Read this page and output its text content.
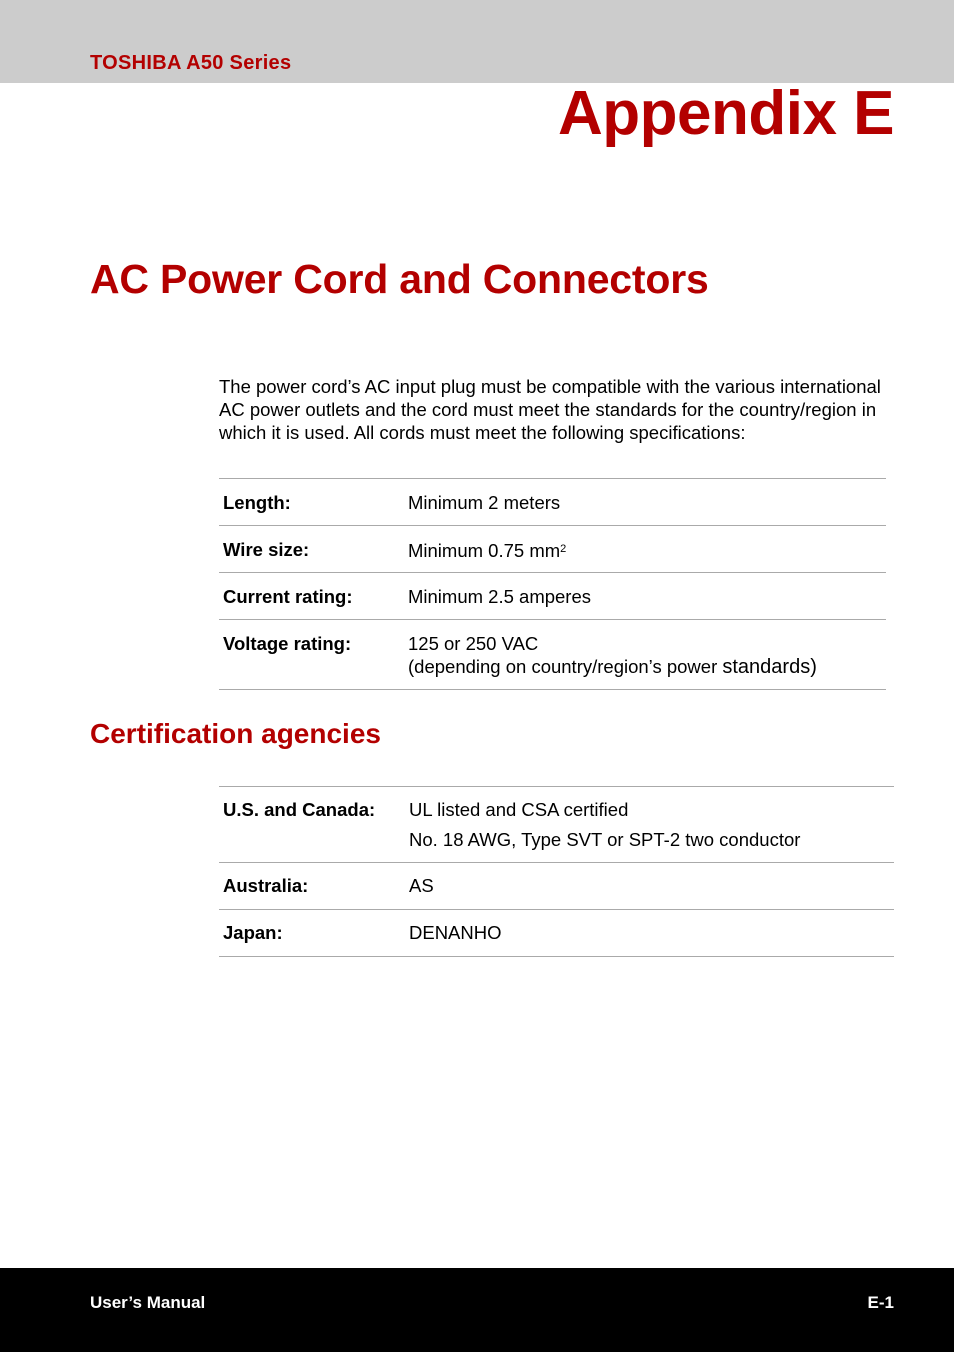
TOSHIBA A50 Series
Appendix E
AC Power Cord and Connectors
The power cord’s AC input plug must be compatible with the various international AC power outlets and the cord must meet the standards for the country/region in which it is used. All cords must meet the following specifications:
Length:	Minimum 2 meters
Wire size:	Minimum 0.75 $mm^2$
Current rating:	Minimum 2.5 amperes
Voltage rating:	125 or 250 VAC
(depending on country/region’s power standards)
Certification agencies
U.S. and Canada:	UL listed and CSA certified
No. 18 AWG, Type SVT or SPT-2 two conductor

Australia:	AS
Japan:	DENANHO
User’s Manual	E-1
